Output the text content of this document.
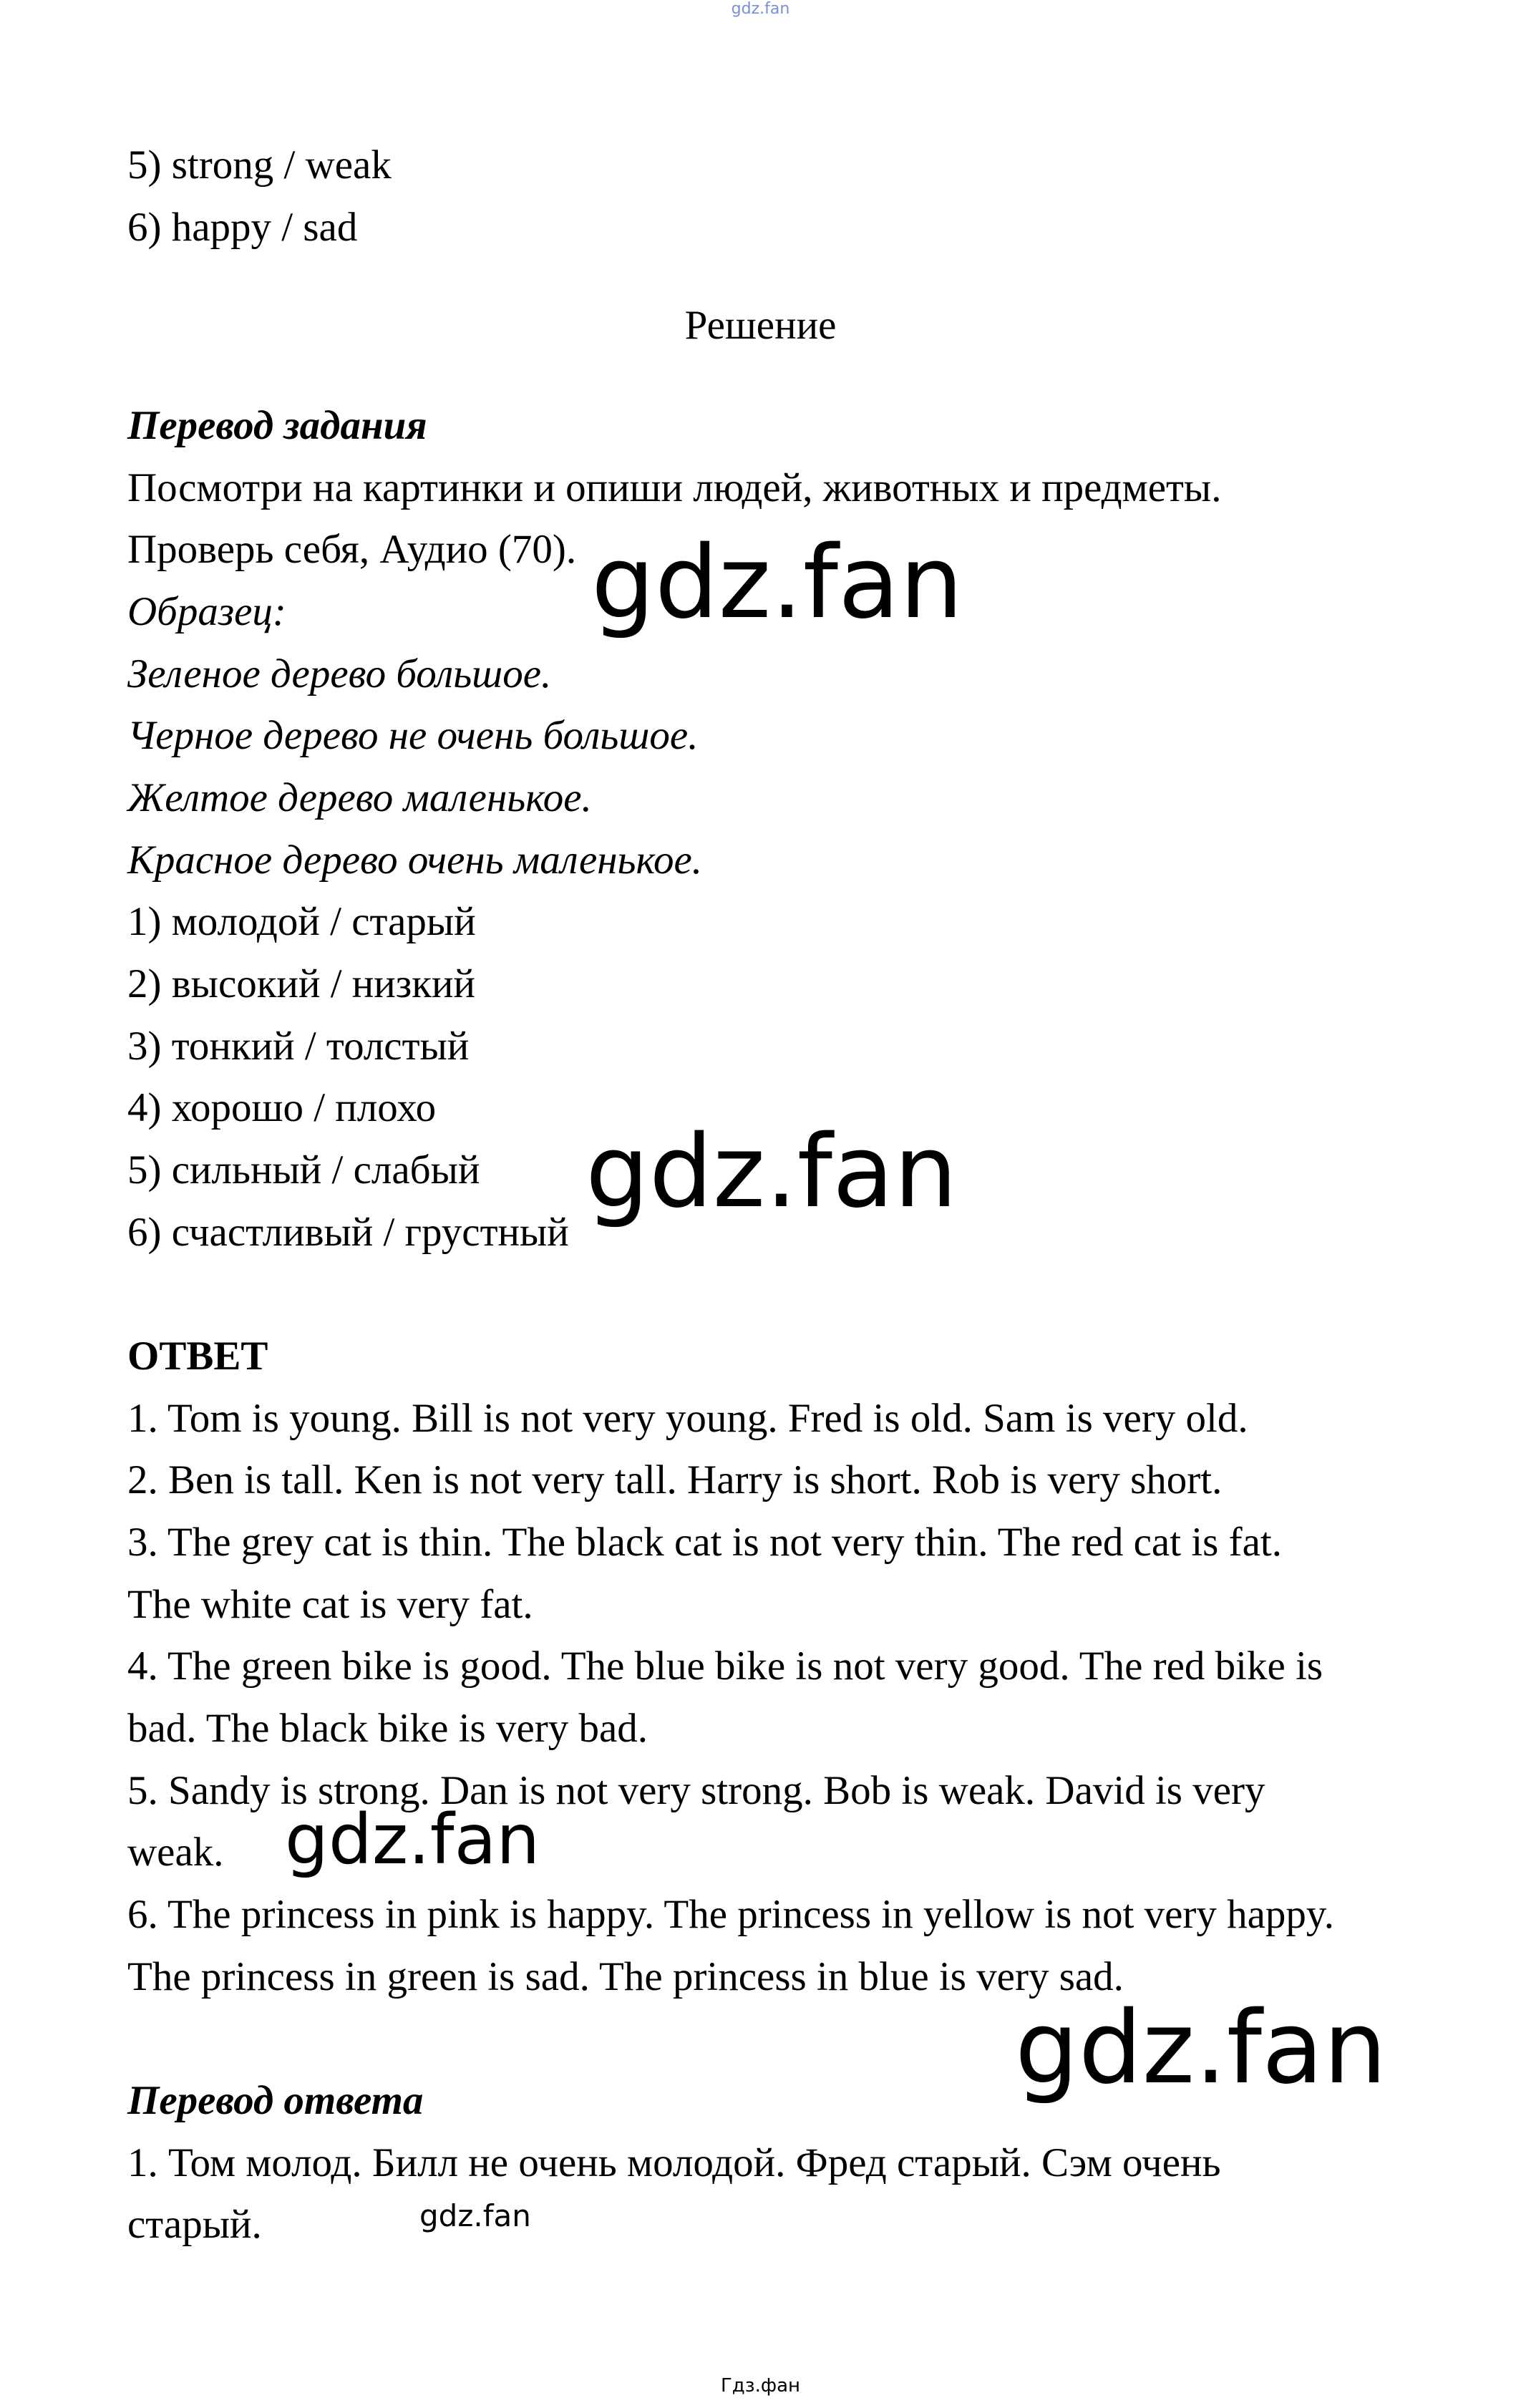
gdz.fan
5) strong / weak
6) happy / sad
Решение
Перевод задания
Посмотри на картинки и опиши людей, животных и предметы.
Проверь себя, Аудио (70).
Образец:
Зеленое дерево большое.
Черное дерево не очень большое.
Желтое дерево маленькое.
Красное дерево очень маленькое.
1) молодой / старый
2) высокий / низкий
3) тонкий / толстый
4) хорошо / плохо
5) сильный / слабый
6) счастливый / грустный
ОТВЕТ
1. Tom is young. Bill is not very young. Fred is old. Sam is very old.
2. Ben is tall. Ken is not very tall. Harry is short. Rob is very short.
3. The grey cat is thin. The black cat is not very thin. The red cat is fat.
The white cat is very fat.
4. The green bike is good. The blue bike is not very good. The red bike is
bad. The black bike is very bad.
5. Sandy is strong. Dan is not very strong. Bob is weak. David is very
weak.
6. The princess in pink is happy. The princess in yellow is not very happy.
The princess in green is sad. The princess in blue is very sad.
Перевод ответа
1. Том молод. Билл не очень молодой. Фред старый. Сэм очень
старый.
gdz.fan
gdz.fan
gdz.fan
gdz.fan
gdz.fan
Гдз.фан
